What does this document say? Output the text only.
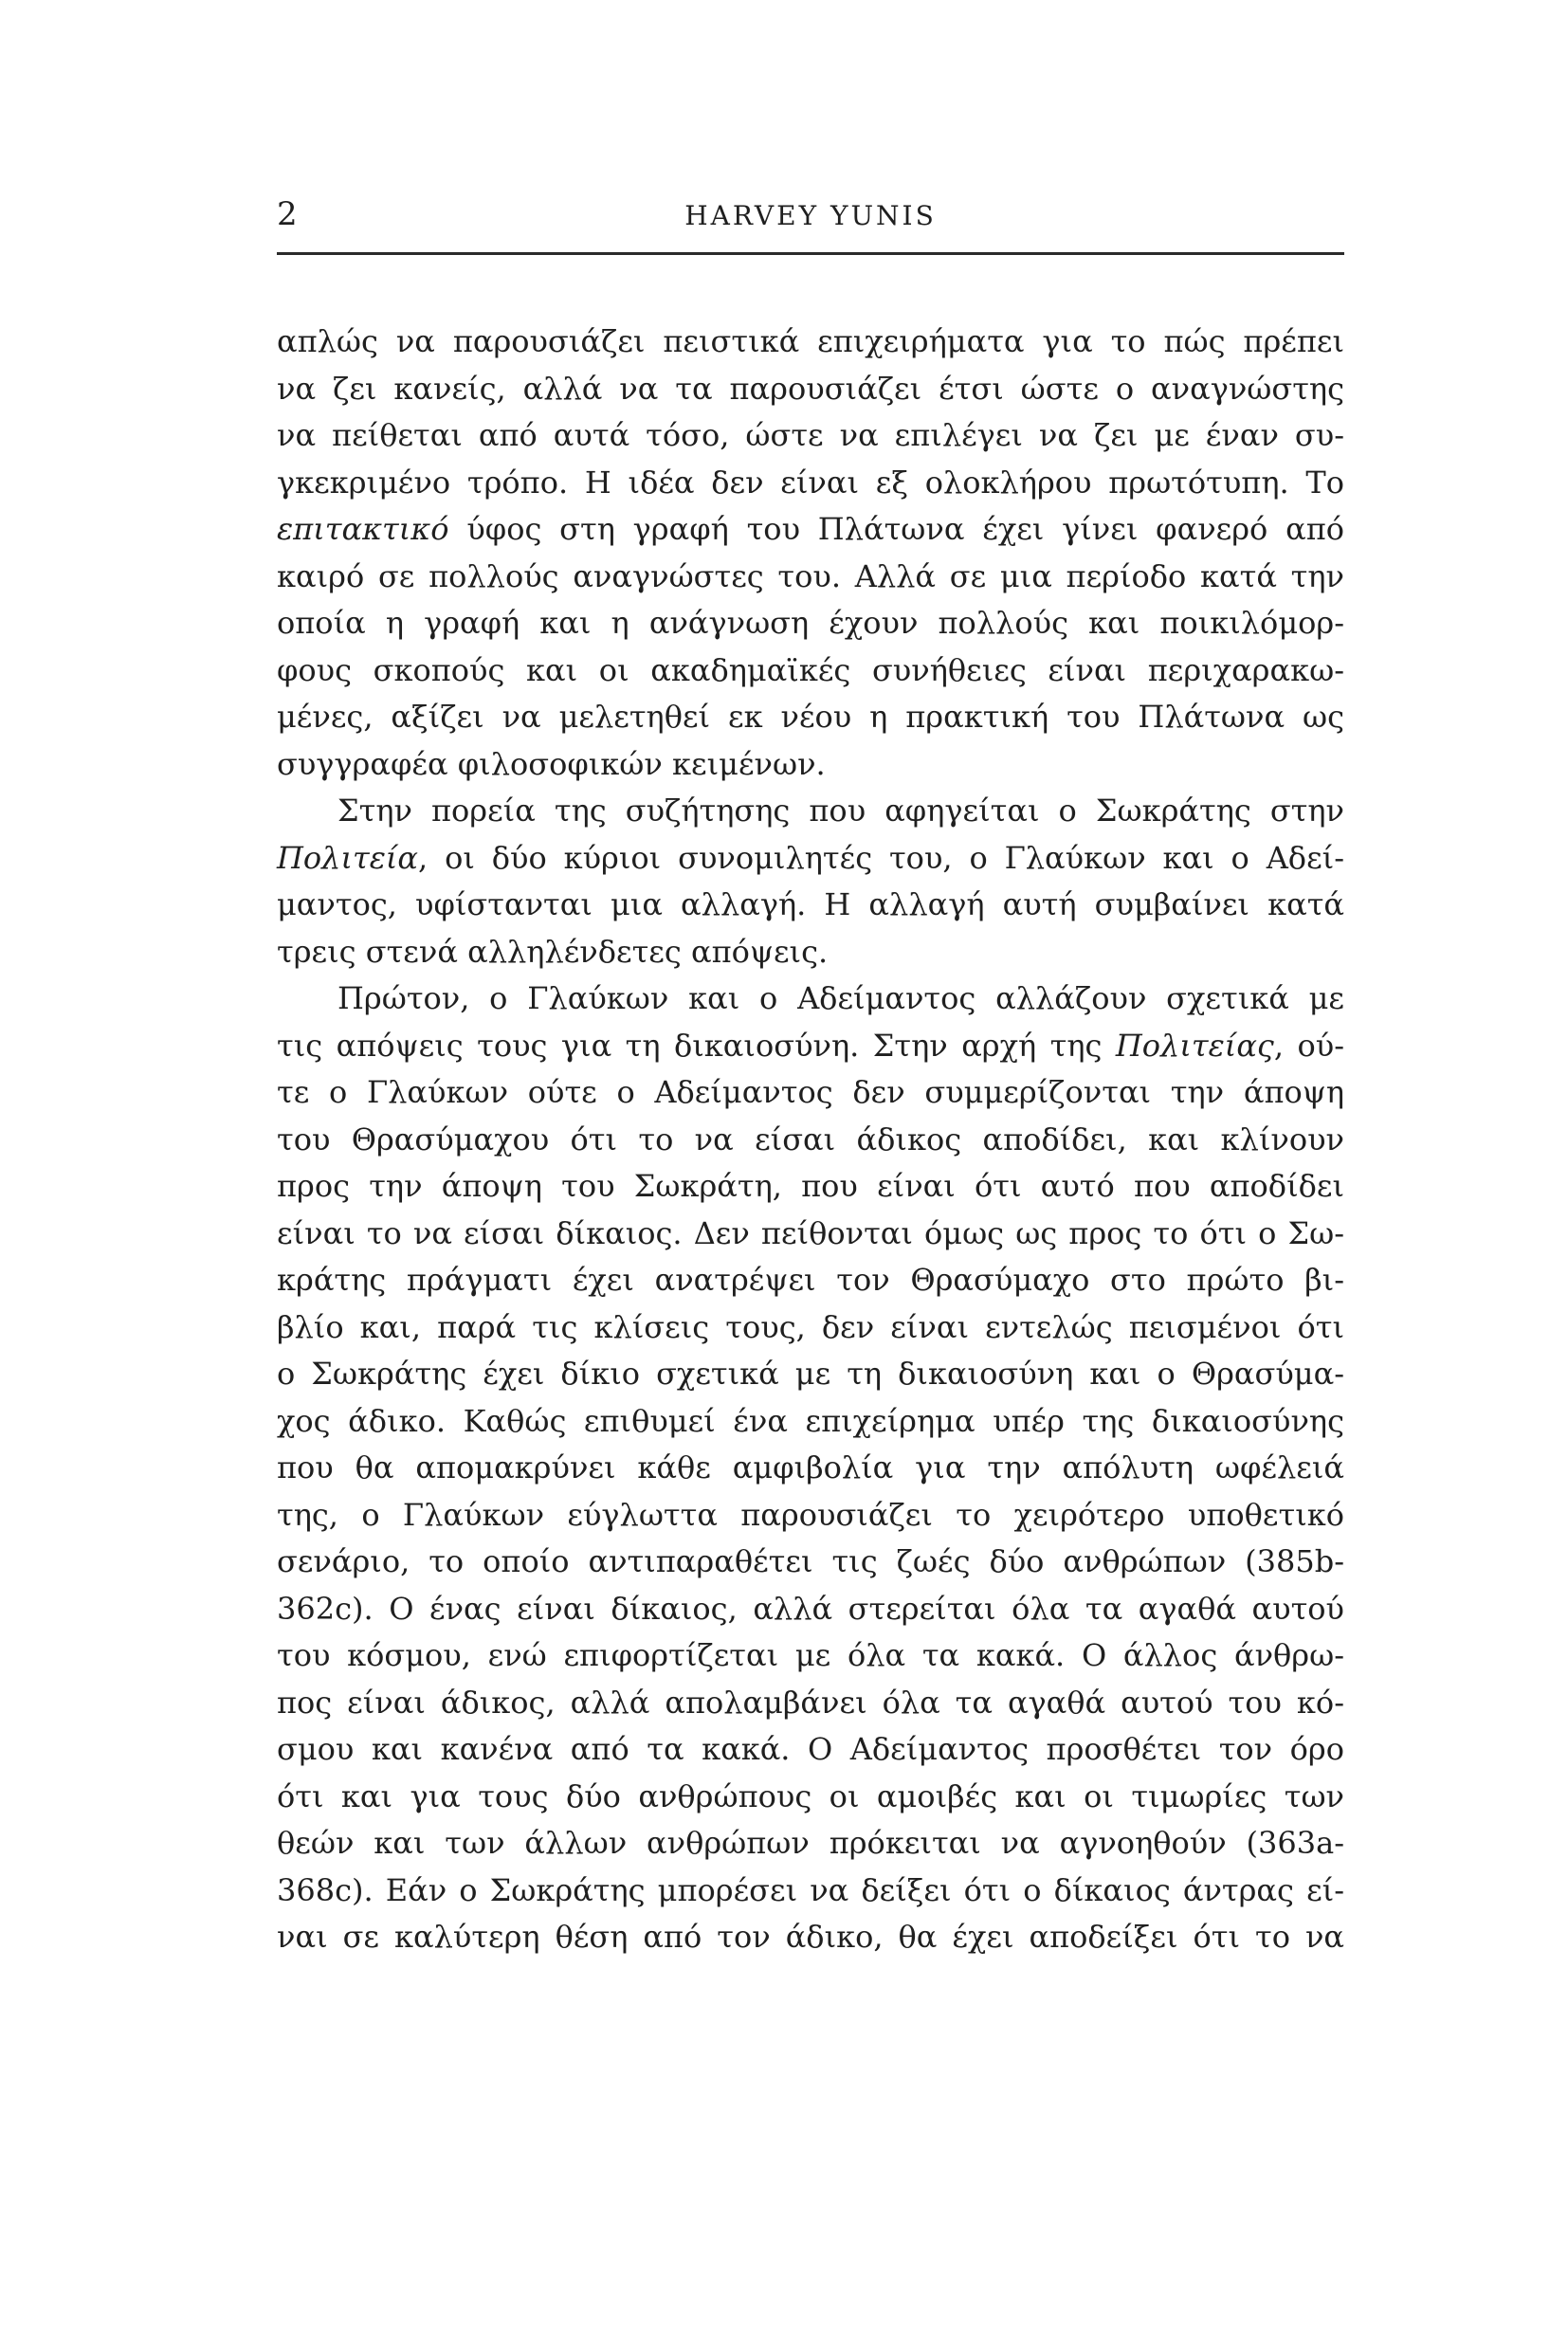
2	HARVEY YUNIS
απλώς να παρουσιάζει πειστικά επιχειρήματα για το πώς πρέπει
να ζει κανείς, αλλά να τα παρουσιάζει έτσι ώστε ο αναγνώστης
να πείθεται από αυτά τόσο, ώστε να επιλέγει να ζει με έναν συ-
γκεκριμένο τρόπο. Η ιδέα δεν είναι εξ ολοκλήρου πρωτότυπη. Το
επιτακτικό ύφος στη γραφή του Πλάτωνα έχει γίνει φανερό από
καιρό σε πολλούς αναγνώστες του. Αλλά σε μια περίοδο κατά την
οποία η γραφή και η ανάγνωση έχουν πολλούς και ποικιλόμορ-
φους σκοπούς και οι ακαδημαϊκές συνήθειες είναι περιχαρακω-
μένες, αξίζει να μελετηθεί εκ νέου η πρακτική του Πλάτωνα ως
συγγραφέα φιλοσοφικών κειμένων.
Στην πορεία της συζήτησης που αφηγείται ο Σωκράτης στην
Πολιτεία, οι δύο κύριοι συνομιλητές του, ο Γλαύκων και ο Αδεί-
μαντος, υφίστανται μια αλλαγή. Η αλλαγή αυτή συμβαίνει κατά
τρεις στενά αλληλένδετες απόψεις.
Πρώτον, ο Γλαύκων και ο Αδείμαντος αλλάζουν σχετικά με
τις απόψεις τους για τη δικαιοσύνη. Στην αρχή της Πολιτείας, ού-
τε ο Γλαύκων ούτε ο Αδείμαντος δεν συμμερίζονται την άποψη
του Θρασύμαχου ότι το να είσαι άδικος αποδίδει, και κλίνουν
προς την άποψη του Σωκράτη, που είναι ότι αυτό που αποδίδει
είναι το να είσαι δίκαιος. Δεν πείθονται όμως ως προς το ότι ο Σω-
κράτης πράγματι έχει ανατρέψει τον Θρασύμαχο στο πρώτο βι-
βλίο και, παρά τις κλίσεις τους, δεν είναι εντελώς πεισμένοι ότι
ο Σωκράτης έχει δίκιο σχετικά με τη δικαιοσύνη και ο Θρασύμα-
χος άδικο. Καθώς επιθυμεί ένα επιχείρημα υπέρ της δικαιοσύνης
που θα απομακρύνει κάθε αμφιβολία για την απόλυτη ωφέλειά
της, ο Γλαύκων εύγλωττα παρουσιάζει το χειρότερο υποθετικό
σενάριο, το οποίο αντιπαραθέτει τις ζωές δύο ανθρώπων (385b-
362c). Ο ένας είναι δίκαιος, αλλά στερείται όλα τα αγαθά αυτού
του κόσμου, ενώ επιφορτίζεται με όλα τα κακά. Ο άλλος άνθρω-
πος είναι άδικος, αλλά απολαμβάνει όλα τα αγαθά αυτού του κό-
σμου και κανένα από τα κακά. Ο Αδείμαντος προσθέτει τον όρο
ότι και για τους δύο ανθρώπους οι αμοιβές και οι τιμωρίες των
θεών και των άλλων ανθρώπων πρόκειται να αγνοηθούν (363a-
368c). Εάν ο Σωκράτης μπορέσει να δείξει ότι ο δίκαιος άντρας εί-
ναι σε καλύτερη θέση από τον άδικο, θα έχει αποδείξει ότι το να
